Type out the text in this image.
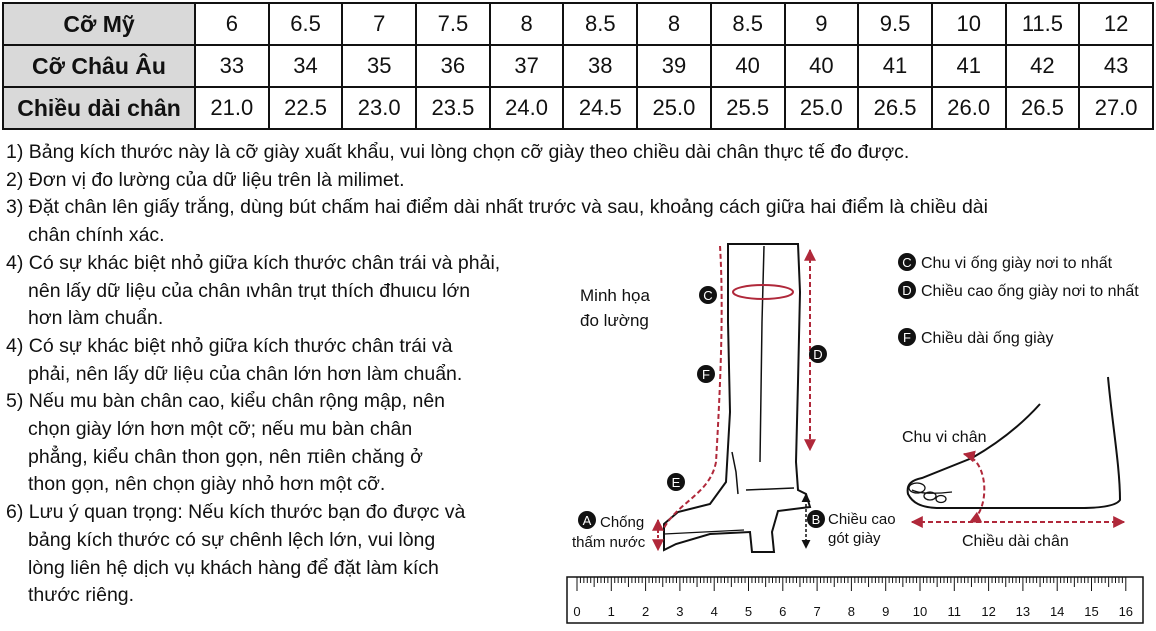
Cỡ Mỹ	6	6.5	7	7.5	8	8.5	8	8.5	9	9.5	10	11.5	12
Cỡ Châu Âu	33	34	35	36	37	38	39	40	40	41	41	42	43
Chiều dài chân	21.0	22.5	23.0	23.5	24.0	24.5	25.0	25.5	25.0	26.5	26.0	26.5	27.0

1) Bảng kích thước này là cỡ giày xuất khẩu, vui lòng chọn cỡ giày theo chiều dài chân thực tế đo được.

2) Đơn vị đo lường của dữ liệu trên là milimet.

3) Đặt chân lên giấy trắng, dùng bút chấm hai điểm dài nhất trước và sau, khoảng cách giữa hai điểm là chiều dài
chân chính xác.

4) Có sự khác biệt nhỏ giữa kích thước chân trái và phải,
nên lấy dữ liệu của chân ιvhân trụt thích đhuιcu lớn
hơn làm chuẩn.

4) Có sự khác biệt nhỏ giữa kích thước chân trái và
phải, nên lấy dữ liệu của chân lớn hơn làm chuẩn.

5) Nếu mu bàn chân cao, kiểu chân rộng mập, nên
chọn giày lớn hơn một cỡ; nếu mu bàn chân
phẳng, kiểu chân thon gọn, nên πiên chăng ở
thon gọn, nên chọn giày nhỏ hơn một cỡ.

6) Lưu ý quan trọng: Nếu kích thước bạn đo được và
bảng kích thước có sự chênh lệch lớn, vui lòng
lòng liên hệ dịch vụ khách hàng để đặt làm kích
thước riêng.

Minh họa
đo lường
C
D
F
E
A Chống
thấm nước
B Chiều cao
gót giày
C Chu vi ống giày nơi to nhất
D Chiều cao ống giày nơi to nhất
F Chiều dài ống giày
Chu vi chân
Chiều dài chân
0 1 2 3 4 5 6 7 8 9 10 11 12 13 14 15 16
